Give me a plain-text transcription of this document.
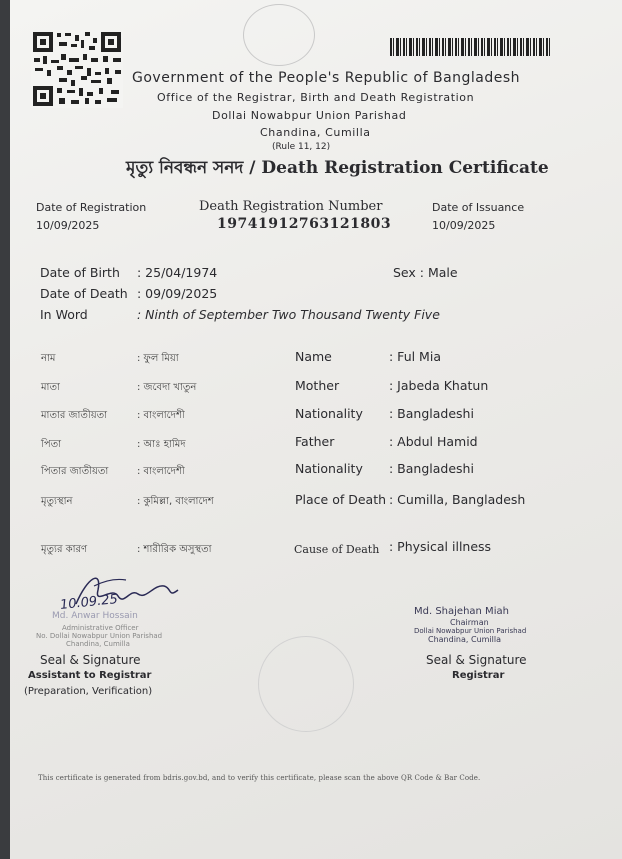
Government of the People's Republic of Bangladesh
Office of the Registrar, Birth and Death Registration
Dollai Nowabpur Union Parishad
Chandina, Cumilla
(Rule 11, 12)
মৃত্যু নিবন্ধন সনদ / Death Registration Certificate
Date of Registration
10/09/2025
Death Registration Number
19741912763121803
Date of Issuance
10/09/2025
Date of Birth : 25/04/1974	Sex : Male
Date of Death : 09/09/2025
In Word	: Ninth of September Two Thousand Twenty Five
নাম	: ফুল মিয়া	Name	: Ful Mia
মাতা	: জবেদা খাতুন	Mother	: Jabeda Khatun
মাতার জাতীয়তা	: বাংলাদেশী	Nationality : Bangladeshi
পিতা	: আঃ হামিদ	Father	: Abdul Hamid
পিতার জাতীয়তা	: বাংলাদেশী	Nationality : Bangladeshi
মৃত্যুস্থান	: কুমিল্লা, বাংলাদেশ	Place of Death : Cumilla, Bangladesh
মৃত্যুর কারণ	: শারীরিক অসুস্থতা	Cause of Death : Physical illness
10.09.25
Md. Anwar Hossain
Administrative Officer
No. Dollai Nowabpur Union Parishad
Chandina, Cumilla
Seal & Signature
Assistant to Registrar
(Preparation, Verification)
Md. Shajehan Miah
Chairman
Dollai Nowabpur Union Parishad
Chandina, Cumilla
Seal & Signature
Registrar
This certificate is generated from bdris.gov.bd, and to verify this certificate, please scan the above QR Code & Bar Code.
